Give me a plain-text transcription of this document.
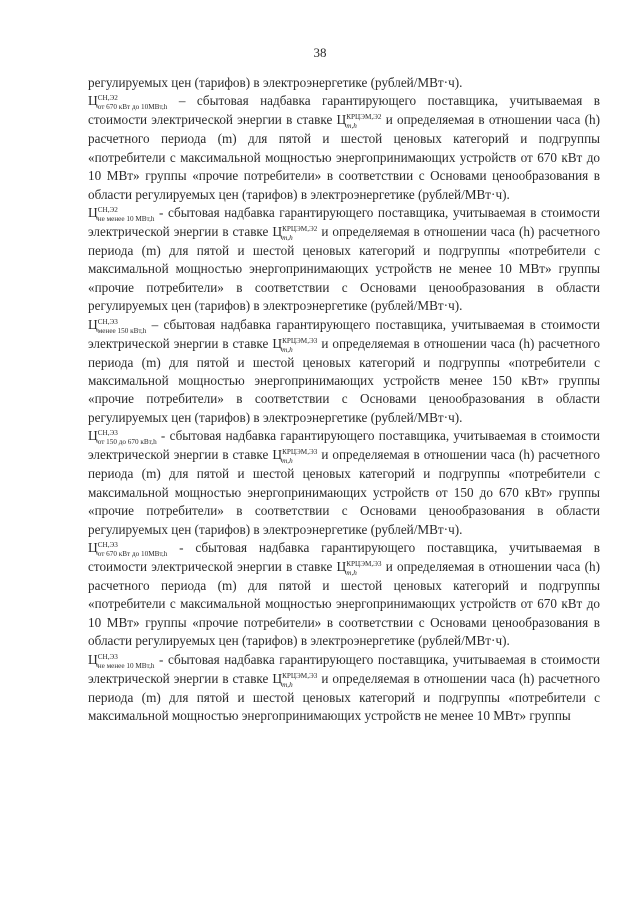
38

регулируемых цен (тарифов) в электроэнергетике (рублей/МВт·ч).

Ц СН,Э2
от 670 кВт до 10МВт,h – сбытовая надбавка гарантирующего поставщика, учитываемая в стоимости электрической энергии в ставке Ц КРЦЭМ,Э2
m,h	и определяемая в отношении часа (h) расчетного периода (m) для пятой и шестой ценовых категорий и подгруппы «потребители с максимальной мощностью энергопринимающих устройств от 670 кВт до 10 МВт» группы «прочие потребители» в соответствии с Основами ценообразования в области регулируемых цен (тарифов) в электроэнергетике (рублей/МВт·ч).

Ц СН,Э2
не менее 10 МВт,h - сбытовая надбавка гарантирующего поставщика, учитываемая в стоимости электрической энергии в ставке Ц КРЦЭМ,Э2
m,h	и определяемая в отношении часа (h) расчетного периода (m) для пятой и шестой ценовых категорий и подгруппы «потребители с максимальной мощностью энергопринимающих устройств не менее 10 МВт» группы «прочие потребители» в соответствии с Основами ценообразования в области регулируемых цен (тарифов) в электроэнергетике (рублей/МВт·ч).

Ц СН,Э3
менее 150 кВт,h – сбытовая надбавка гарантирующего поставщика, учитываемая в стоимости электрической энергии в ставке Ц КРЦЭМ,Э3
m,h	и определяемая в отношении часа (h) расчетного периода (m) для пятой и шестой ценовых категорий и подгруппы «потребители с максимальной мощностью энергопринимающих устройств менее 150 кВт» группы «прочие потребители» в соответствии с Основами ценообразования в области регулируемых цен (тарифов) в электроэнергетике (рублей/МВт·ч).

Ц СН,Э3
от 150 до 670 кВт,h - сбытовая надбавка гарантирующего поставщика, учитываемая в стоимости электрической энергии в ставке Ц КРЦЭМ,Э3
m,h	и определяемая в отношении часа (h) расчетного периода (m) для пятой и шестой ценовых категорий и подгруппы «потребители с максимальной мощностью энергопринимающих устройств от 150 до 670 кВт» группы «прочие потребители» в соответствии с Основами ценообразования в области регулируемых цен (тарифов) в электроэнергетике (рублей/МВт·ч).

Ц СН,Э3
от 670 кВт до 10МВт,h - сбытовая надбавка гарантирующего поставщика, учитываемая в стоимости электрической энергии в ставке Ц КРЦЭМ,Э3
m,h	и определяемая в отношении часа (h) расчетного периода (m) для пятой и шестой ценовых категорий и подгруппы «потребители с максимальной мощностью энергопринимающих устройств от 670 кВт до 10 МВт» группы «прочие потребители» в соответствии с Основами ценообразования в области регулируемых цен (тарифов) в электроэнергетике (рублей/МВт·ч).

Ц СН,Э3
не менее 10 МВт,h - сбытовая надбавка гарантирующего поставщика, учитываемая в стоимости электрической энергии в ставке Ц КРЦЭМ,Э3
m,h	и определяемая в отношении часа (h) расчетного периода (m) для пятой и шестой ценовых категорий и подгруппы «потребители с максимальной мощностью энергопринимающих устройств не менее 10 МВт» группы
